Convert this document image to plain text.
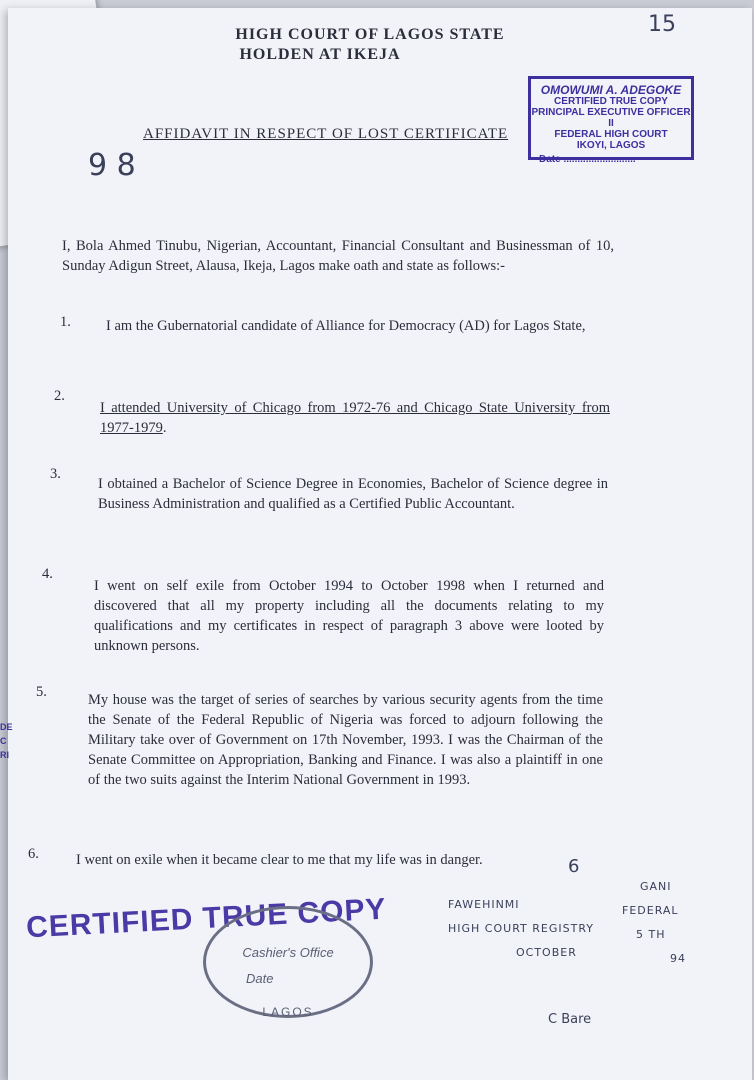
HIGH COURT OF LAGOS STATE
HOLDEN AT IKEJA
15
OMOWUMI A. ADEGOKE
CERTIFIED TRUE COPY
PRINCIPAL EXECUTIVE OFFICER II
FEDERAL HIGH COURT
IKOYI, LAGOS
Date ..........................
AFFIDAVIT IN RESPECT OF LOST CERTIFICATE
9 8
I, Bola Ahmed Tinubu, Nigerian, Accountant, Financial Consultant and Businessman of 10, Sunday Adigun Street, Alausa, Ikeja, Lagos make oath and state as follows:-
1. I am the Gubernatorial candidate of Alliance for Democracy (AD) for Lagos State,
2.
I attended University of Chicago from 1972-76 and Chicago State University from 1977-1979.
3.
I obtained a Bachelor of Science Degree in Economies, Bachelor of Science degree in Business Administration and qualified as a Certified Public Accountant.
4.
I went on self exile from October 1994 to October 1998 when I returned and discovered that all my property including all the documents relating to my qualifications and my certificates in respect of paragraph 3 above were looted by unknown persons.
5.	My house was the target of series of searches by various security agents from the time the Senate of the Federal Republic of Nigeria was forced to adjourn following the Military take over of Government on 17th November, 1993. I was the Chairman of the Senate Committee on Appropriation, Banking and Finance. I was also a plaintiff in one of the two suits against the Interim National Government in 1993.
6.	I went on exile when it became clear to me that my life was in danger.	6
FAWEHINMI
HIGH COURT REGISTRY
OCTOBER
GANI
FEDERAL
5 TH
94
CERTIFIED TRUE COPY
Cashier's Office
Date
LAGOS	C Bare
DE
C
RI
